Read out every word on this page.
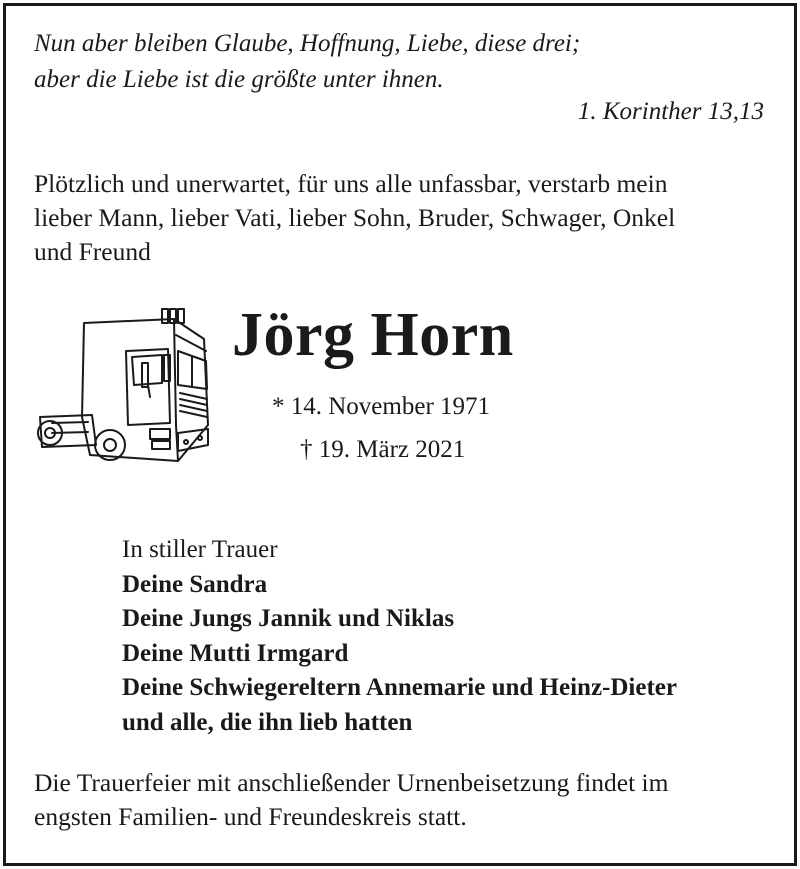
Nun aber bleiben Glaube, Hoffnung, Liebe, diese drei;
aber die Liebe ist die größte unter ihnen.
1. Korinther 13,13
Plötzlich und unerwartet, für uns alle unfassbar, verstarb mein
lieber Mann, lieber Vati, lieber Sohn, Bruder, Schwager, Onkel
und Freund
Jörg Horn
* 14. November 1971
† 19. März 2021
In stiller Trauer
Deine Sandra
Deine Jungs Jannik und Niklas
Deine Mutti Irmgard
Deine Schwiegereltern Annemarie und Heinz-Dieter
und alle, die ihn lieb hatten
Die Trauerfeier mit anschließender Urnenbeisetzung findet im
engsten Familien- und Freundeskreis statt.
